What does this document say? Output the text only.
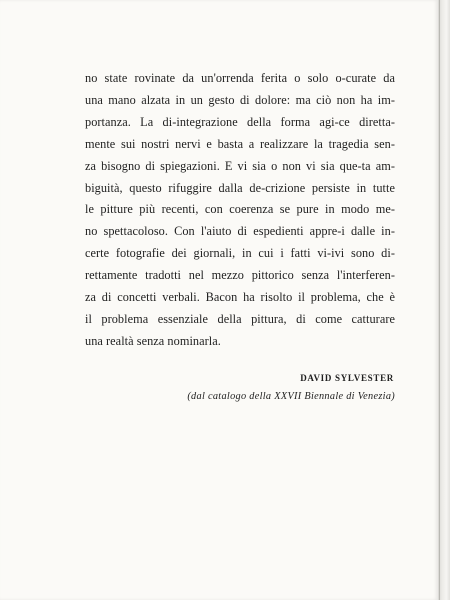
no state rovinate da un'orrenda ferita o solo o-curate da
una mano alzata in un gesto di dolore: ma ciò non ha im-
portanza. La di-integrazione della forma agi-ce diretta-
mente sui nostri nervi e basta a realizzare la tragedia sen-
za bisogno di spiegazioni. E vi sia o non vi sia que-ta am-
biguità, questo rifuggire dalla de-crizione persiste in tutte
le pitture più recenti, con coerenza se pure in modo me-
no spettacoloso. Con l'aiuto di espedienti appre-i dalle in-
certe fotografie dei giornali, in cui i fatti vi-ivi sono di-
rettamente tradotti nel mezzo pittorico senza l'interferen-
za di concetti verbali. Bacon ha risolto il problema, che è
il problema essenziale della pittura, di come catturare
una realtà senza nominarla.
DAVID SYLVESTER
(dal catalogo della XXVII Biennale di Venezia)
